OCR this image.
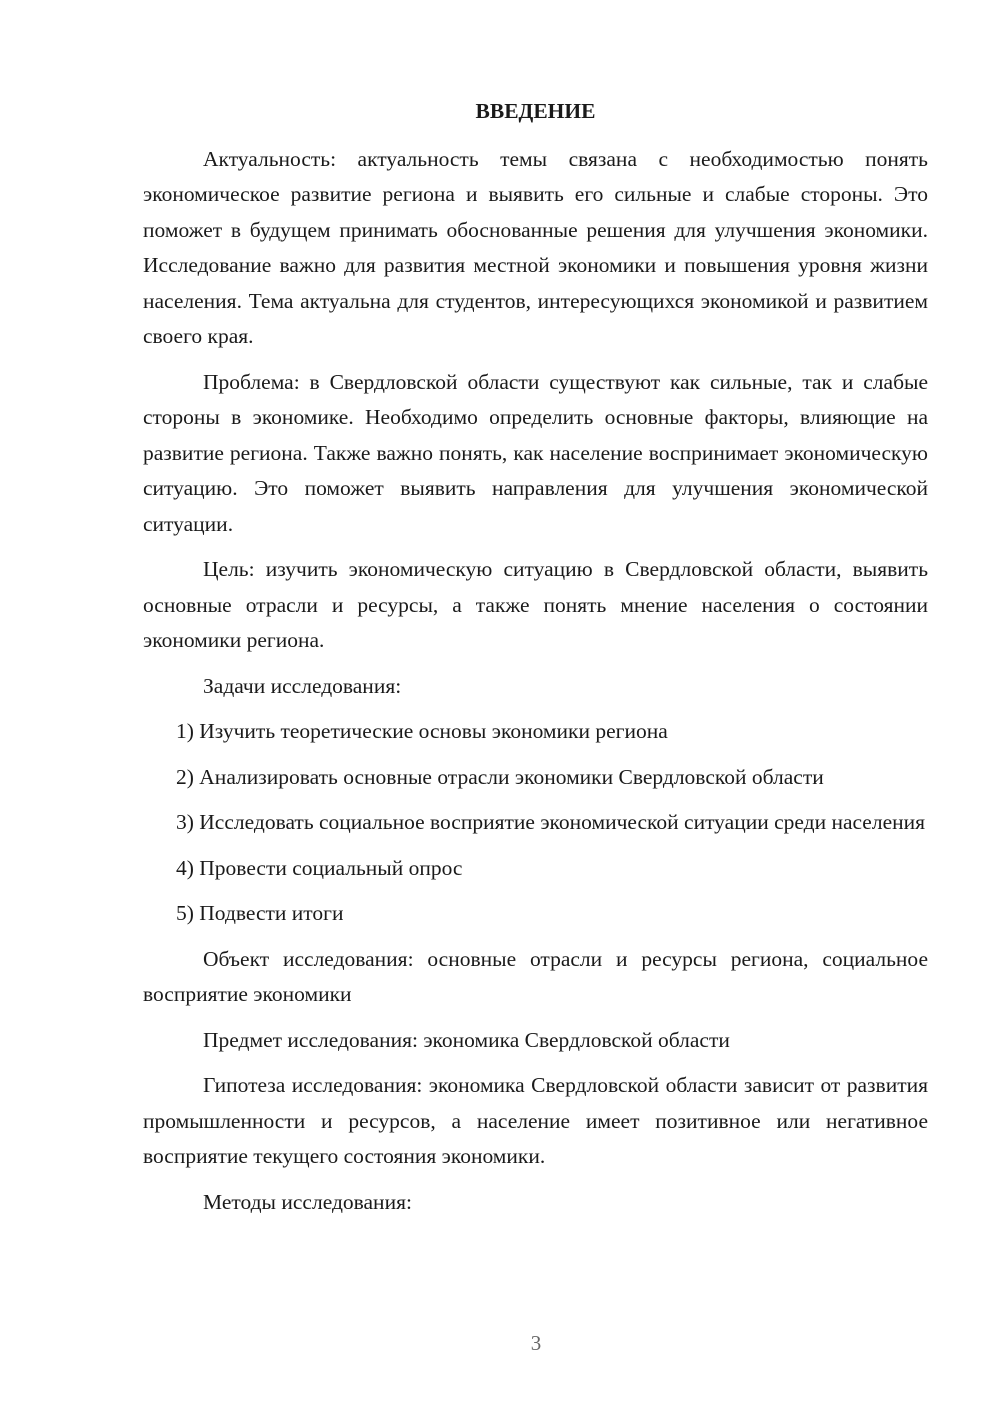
ВВЕДЕНИЕ

Актуальность: актуальность темы связана с необходимостью понять экономическое развитие региона и выявить его сильные и слабые стороны. Это поможет в будущем принимать обоснованные решения для улучшения экономики. Исследование важно для развития местной экономики и повышения уровня жизни населения. Тема актуальна для студентов, интересующихся экономикой и развитием своего края.

Проблема: в Свердловской области существуют как сильные, так и слабые стороны в экономике. Необходимо определить основные факторы, влияющие на развитие региона. Также важно понять, как население воспринимает экономическую ситуацию. Это поможет выявить направления для улучшения экономической ситуации.

Цель: изучить экономическую ситуацию в Свердловской области, выявить основные отрасли и ресурсы, а также понять мнение населения о состоянии экономики региона.

Задачи исследования:

1) Изучить теоретические основы экономики региона

2) Анализировать основные отрасли экономики Свердловской области

3) Исследовать социальное восприятие экономической ситуации среди населения

4) Провести социальный опрос

5) Подвести итоги

Объект исследования: основные отрасли и ресурсы региона, социальное восприятие экономики

Предмет исследования: экономика Свердловской области

Гипотеза исследования: экономика Свердловской области зависит от развития промышленности и ресурсов, а население имеет позитивное или негативное восприятие текущего состояния экономики.

Методы исследования:

3
